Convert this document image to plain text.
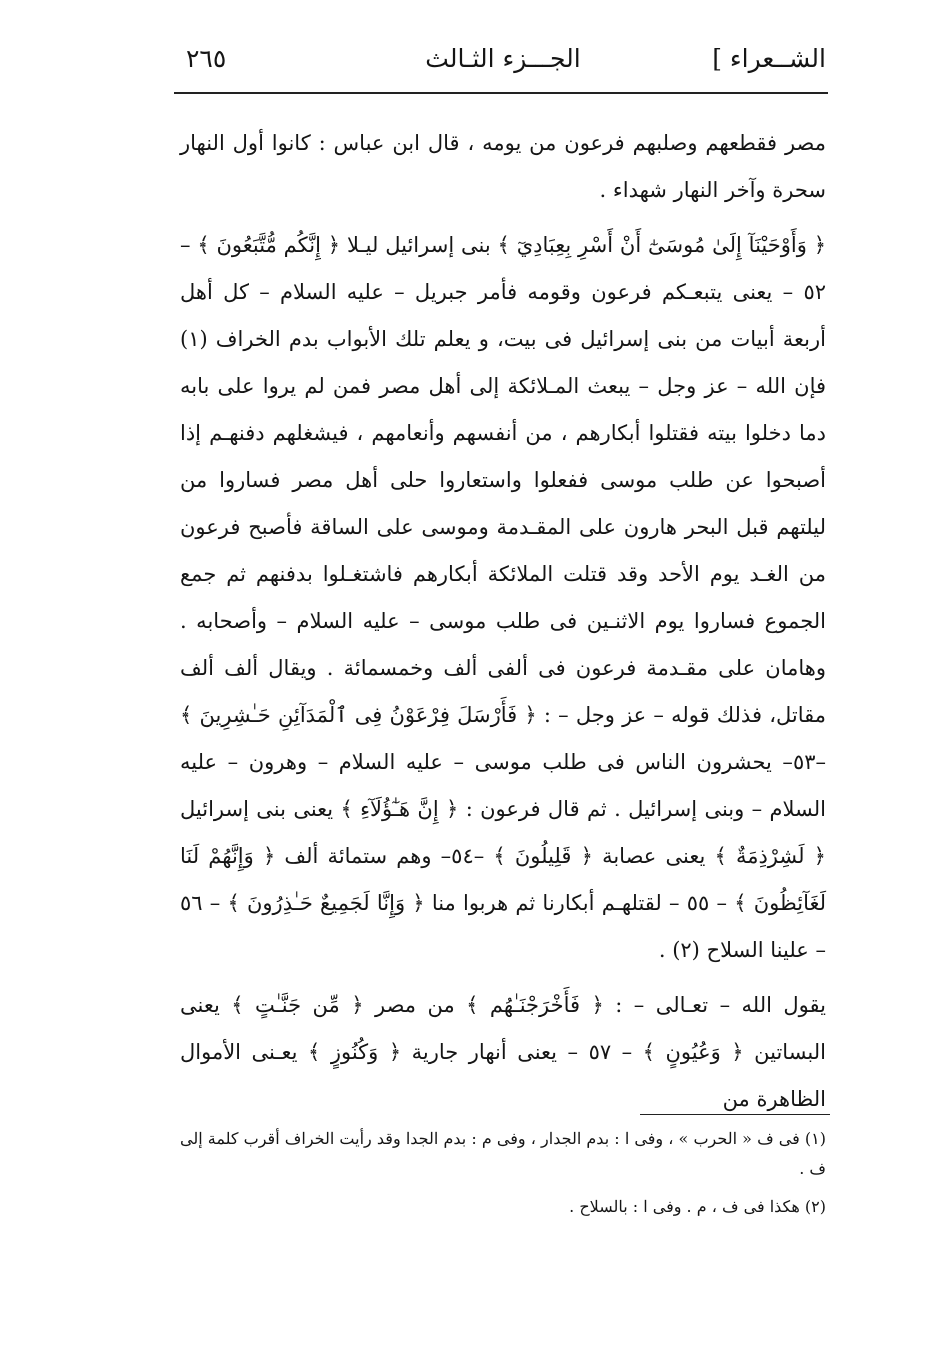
الشــعراء ]
الجـــزء الثـالث
٢٦٥

مصر فقطعهم وصلبهم فرعون من يومه ، قال ابن عباس : كانوا أول النهار سحرة وآخر النهار شهداء .

﴿ وَأَوْحَيْنَآ إِلَىٰ مُوسَىٰٓ أَنْ أَسْرِ بِعِبَادِيٓ ﴾ بنى إسرائيل ليـلا ﴿ إِنَّكُم مُّتَّبَعُونَ ﴾ – ٥٢ – يعنى يتبعـكم فرعون وقومه فأمر جبريل – عليه السلام – كل أهل أربعة أبيات من بنى إسرائيل فى بيت، و يعلم تلك الأبواب بدم الخراف (١) فإن الله – عز وجل – يبعث المـلائكة إلى أهل مصر فمن لم يروا على بابه دما دخلوا بيته فقتلوا أبكارهم ، من أنفسهم وأنعامهم ، فيشغلهم دفنهـم إذا أصبحوا عن طلب موسى ففعلوا واستعاروا حلى أهل مصر فساروا من ليلتهم قبل البحر هارون على المقـدمة وموسى على الساقة فأصبح فرعون من الغـد يوم الأحد وقد قتلت الملائكة أبكارهم فاشتغـلوا بدفنهم ثم جمع الجموع فساروا يوم الاثنـين فى طلب موسى – عليه السلام – وأصحابه . وهامان على مقـدمة فرعون فى ألفى ألف وخمسمائة . ويقال ألف ألف مقاتل، فذلك قوله – عز وجل – : ﴿ فَأَرْسَلَ فِرْعَوْنُ فِى ٱلْمَدَآئِنِ حَـٰشِرِينَ ﴾ –٥٣– يحشرون الناس فى طلب موسى – عليه السلام – وهرون – عليه السلام – وبنى إسرائيل . ثم قال فرعون : ﴿ إِنَّ هَـٰٓؤُلَآءِ ﴾ يعنى بنى إسرائيل ﴿ لَشِرْذِمَةٌ ﴾ يعنى عصابة ﴿ قَلِيلُونَ ﴾ –٥٤– وهم ستمائة ألف ﴿ وَإِنَّهُمْ لَنَا لَغَآئِظُونَ ﴾ – ٥٥ – لقتلهـم أبكارنا ثم هربوا منا ﴿ وَإِنَّا لَجَمِيعٌ حَـٰذِرُونَ ﴾ – ٥٦ – علينا السلاح (٢) .

يقول الله – تعـالى – : ﴿ فَأَخْرَجْنَـٰهُم ﴾ من مصر ﴿ مِّن جَنَّـٰتٍ ﴾ يعنى البساتين ﴿ وَعُيُونٍ ﴾ – ٥٧ – يعنى أنهار جارية ﴿ وَكُنُوزٍ ﴾ يعـنى الأموال الظاهرة من

(١) فى ف « الحرب » ، وفى ا : بدم الجدار ، وفى م : بدم الجدا وقد رأيت الخراف أقرب كلمة إلى ف .

(٢) هكذا فى ف ، م . وفى ا : بالسلاح .
